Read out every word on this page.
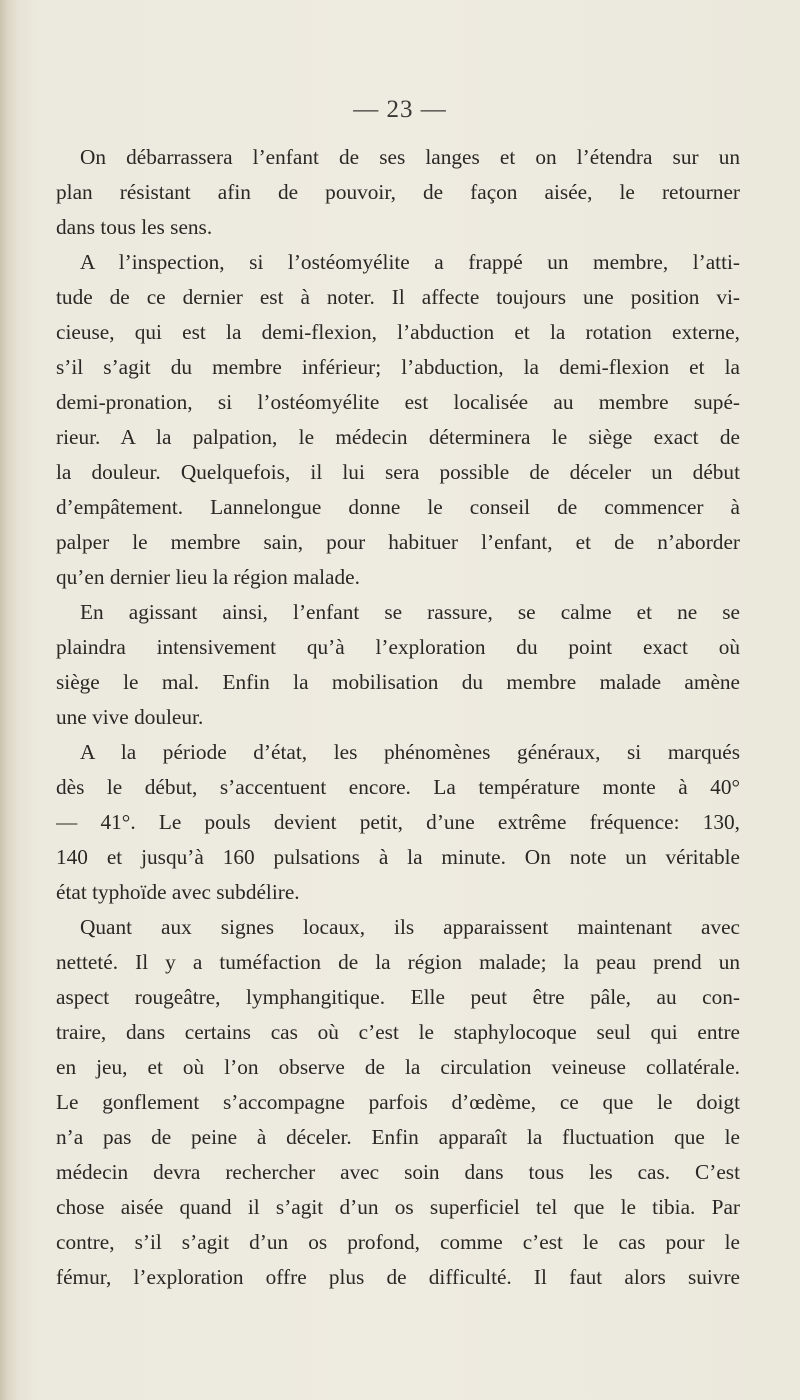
— 23 —
On débarrassera l’enfant de ses langes et on l’étendra sur un
plan résistant afin de pouvoir, de façon aisée, le retourner
dans tous les sens.
A l’inspection, si l’ostéomyélite a frappé un membre, l’atti-
tude de ce dernier est à noter. Il affecte toujours une position vi-
cieuse, qui est la demi-flexion, l’abduction et la rotation externe,
s’il s’agit du membre inférieur; l’abduction, la demi-flexion et la
demi-pronation, si l’ostéomyélite est localisée au membre supé-
rieur. A la palpation, le médecin déterminera le siège exact de
la douleur. Quelquefois, il lui sera possible de déceler un début
d’empâtement. Lannelongue donne le conseil de commencer à
palper le membre sain, pour habituer l’enfant, et de n’aborder
qu’en dernier lieu la région malade.
En agissant ainsi, l’enfant se rassure, se calme et ne se
plaindra intensivement qu’à l’exploration du point exact où
siège le mal. Enfin la mobilisation du membre malade amène
une vive douleur.
A la période d’état, les phénomènes généraux, si marqués
dès le début, s’accentuent encore. La température monte à 40°
— 41°. Le pouls devient petit, d’une extrême fréquence: 130,
140 et jusqu’à 160 pulsations à la minute. On note un véritable
état typhoïde avec subdélire.
Quant aux signes locaux, ils apparaissent maintenant avec
netteté. Il y a tuméfaction de la région malade; la peau prend un
aspect rougeâtre, lymphangitique. Elle peut être pâle, au con-
traire, dans certains cas où c’est le staphylocoque seul qui entre
en jeu, et où l’on observe de la circulation veineuse collatérale.
Le gonflement s’accompagne parfois d’œdème, ce que le doigt
n’a pas de peine à déceler. Enfin apparaît la fluctuation que le
médecin devra rechercher avec soin dans tous les cas. C’est
chose aisée quand il s’agit d’un os superficiel tel que le tibia. Par
contre, s’il s’agit d’un os profond, comme c’est le cas pour le
fémur, l’exploration offre plus de difficulté. Il faut alors suivre
